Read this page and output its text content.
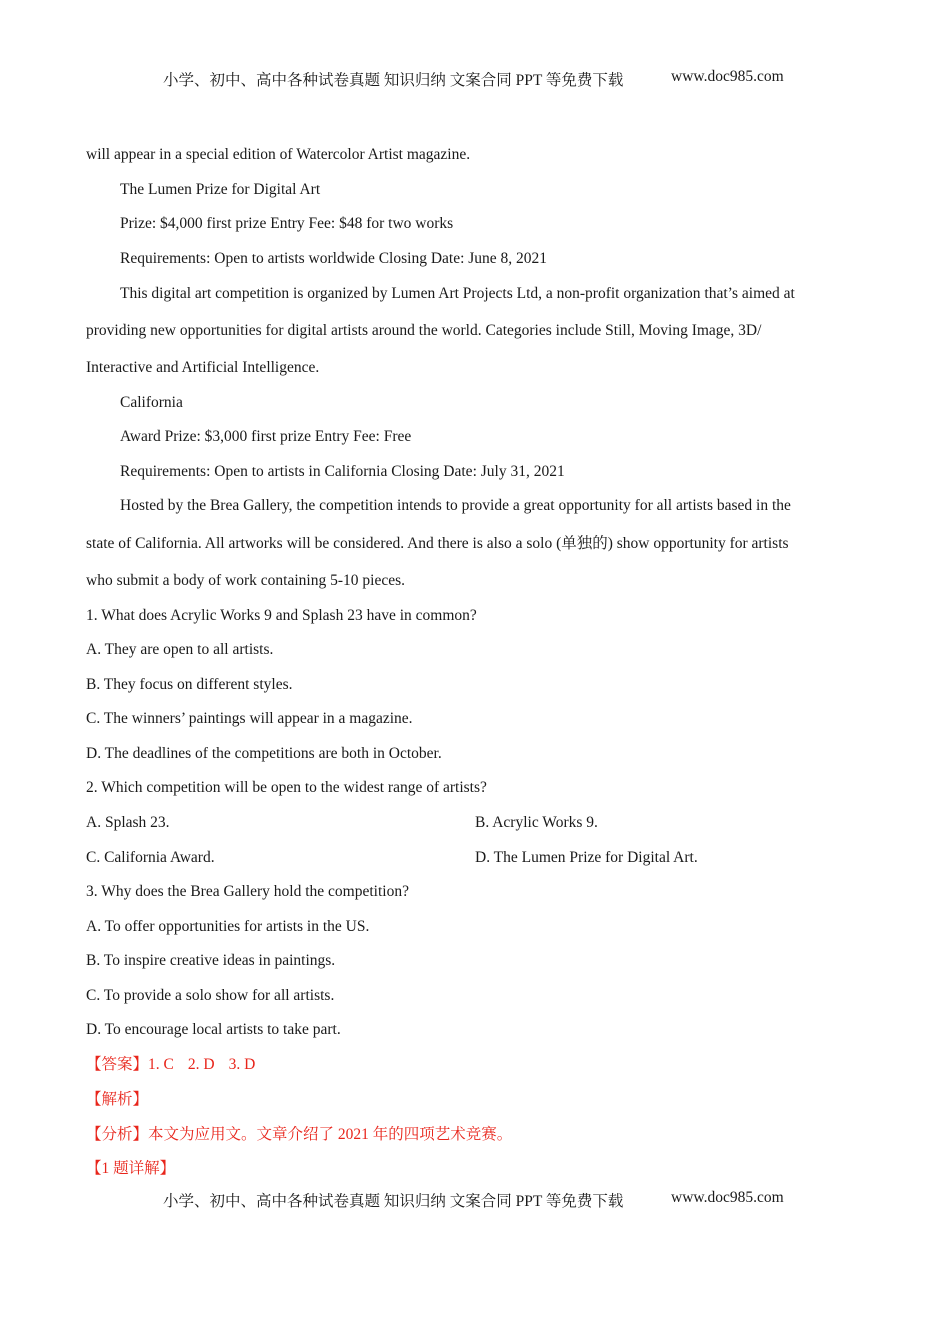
小学、初中、高中各种试卷真题 知识归纳 文案合同 PPT 等免费下载	www.doc985.com
will appear in a special edition of Watercolor Artist magazine.
The Lumen Prize for Digital Art
Prize: $4,000 first prize Entry Fee: $48 for two works
Requirements: Open to artists worldwide Closing Date: June 8, 2021
This digital art competition is organized by Lumen Art Projects Ltd, a non-profit organization that’s aimed at
providing new opportunities for digital artists around the world. Categories include Still, Moving Image, 3D/
Interactive and Artificial Intelligence.
California
Award Prize: $3,000 first prize Entry Fee: Free
Requirements: Open to artists in California Closing Date: July 31, 2021
Hosted by the Brea Gallery, the competition intends to provide a great opportunity for all artists based in the
state of California. All artworks will be considered. And there is also a solo (单独的) show opportunity for artists
who submit a body of work containing 5-10 pieces.
1. What does Acrylic Works 9 and Splash 23 have in common?
A. They are open to all artists.
B. They focus on different styles.
C. The winners’ paintings will appear in a magazine.
D. The deadlines of the competitions are both in October.
2. Which competition will be open to the widest range of artists?
A. Splash 23.	B. Acrylic Works 9.
C. California Award.	D. The Lumen Prize for Digital Art.
3. Why does the Brea Gallery hold the competition?
A. To offer opportunities for artists in the US.
B. To inspire creative ideas in paintings.
C. To provide a solo show for all artists.
D. To encourage local artists to take part.
【答案】1. C 2. D 3. D
【解析】
【分析】本文为应用文。文章介绍了 2021 年的四项艺术竞赛。
【1 题详解】
小学、初中、高中各种试卷真题 知识归纳 文案合同 PPT 等免费下载	www.doc985.com
